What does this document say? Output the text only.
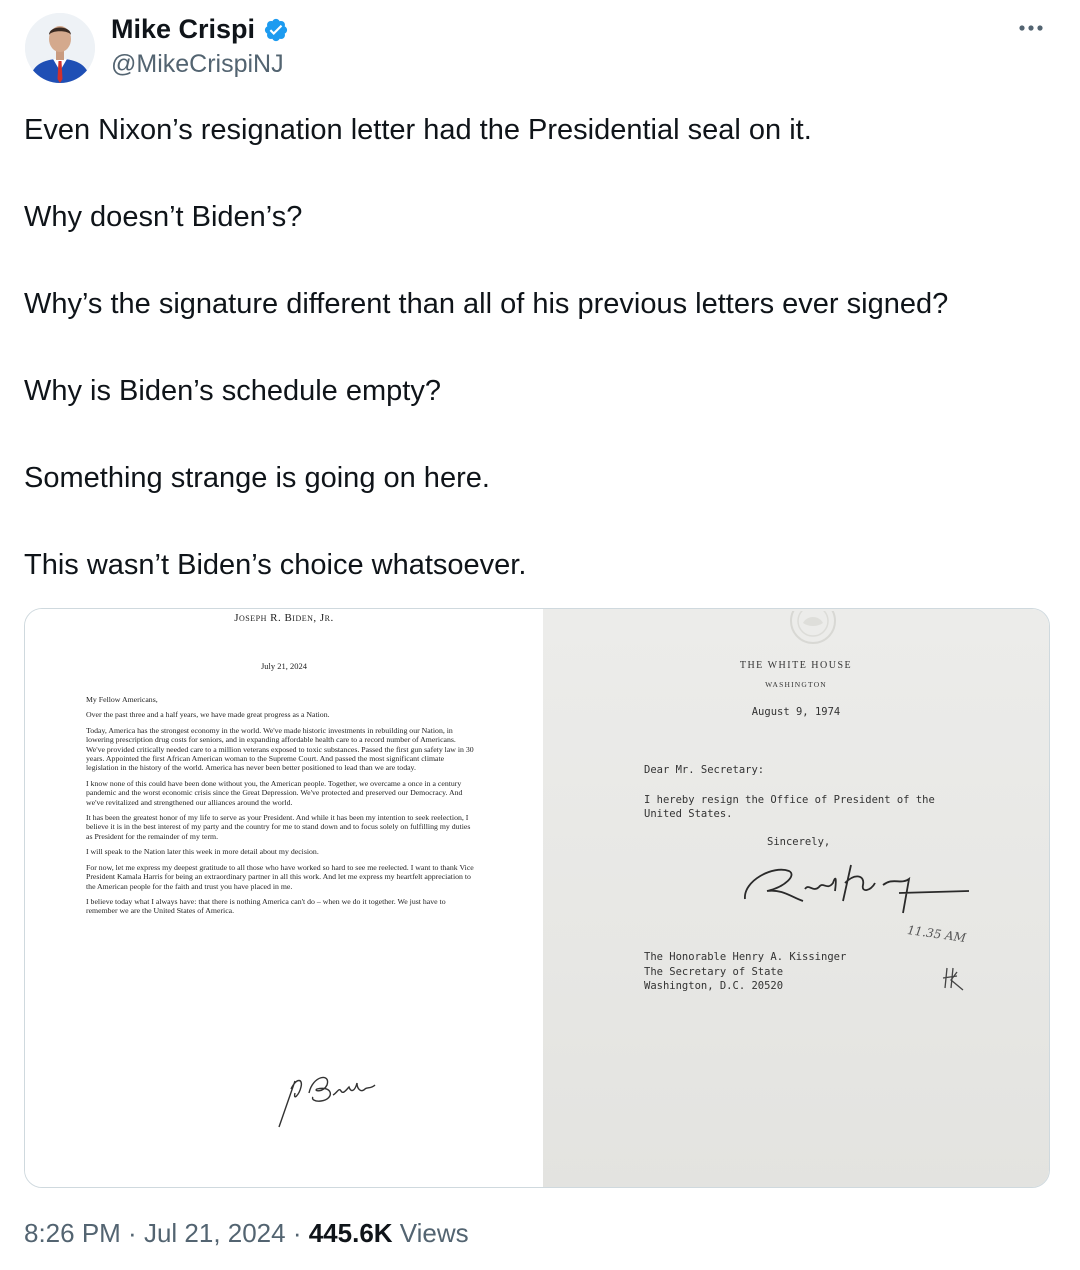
Mike Crispi
@MikeCrispiNJ

Even Nixon’s resignation letter had the Presidential seal on it.

Why doesn’t Biden’s?

Why’s the signature different than all of his previous letters ever signed?

Why is Biden’s schedule empty?

Something strange is going on here.

This wasn’t Biden’s choice whatsoever.

Joseph R. Biden, Jr.
July 21, 2024

My Fellow Americans,

Over the past three and a half years, we have made great progress as a Nation.

Today, America has the strongest economy in the world. We've made historic investments in rebuilding our Nation, in lowering prescription drug costs for seniors, and in expanding affordable health care to a record number of Americans. We've provided critically needed care to a million veterans exposed to toxic substances. Passed the first gun safety law in 30 years. Appointed the first African American woman to the Supreme Court. And passed the most significant climate legislation in the history of the world. America has never been better positioned to lead than we are today.

I know none of this could have been done without you, the American people. Together, we overcame a once in a century pandemic and the worst economic crisis since the Great Depression. We've protected and preserved our Democracy. And we've revitalized and strengthened our alliances around the world.

It has been the greatest honor of my life to serve as your President. And while it has been my intention to seek reelection, I believe it is in the best interest of my party and the country for me to stand down and to focus solely on fulfilling my duties as President for the remainder of my term.

I will speak to the Nation later this week in more detail about my decision.

For now, let me express my deepest gratitude to all those who have worked so hard to see me reelected. I want to thank Vice President Kamala Harris for being an extraordinary partner in all this work. And let me express my heartfelt appreciation to the American people for the faith and trust you have placed in me.

I believe today what I always have: that there is nothing America can't do – when we do it together. We just have to remember we are the United States of America.

THE WHITE HOUSE
WASHINGTON
August 9, 1974
Dear Mr. Secretary:
I hereby resign the Office of President of the United States.
Sincerely,
11.35 AM
The Honorable Henry A. Kissinger
The Secretary of State
Washington, D.C. 20520
8:26 PM · Jul 21, 2024 · 445.6K Views
